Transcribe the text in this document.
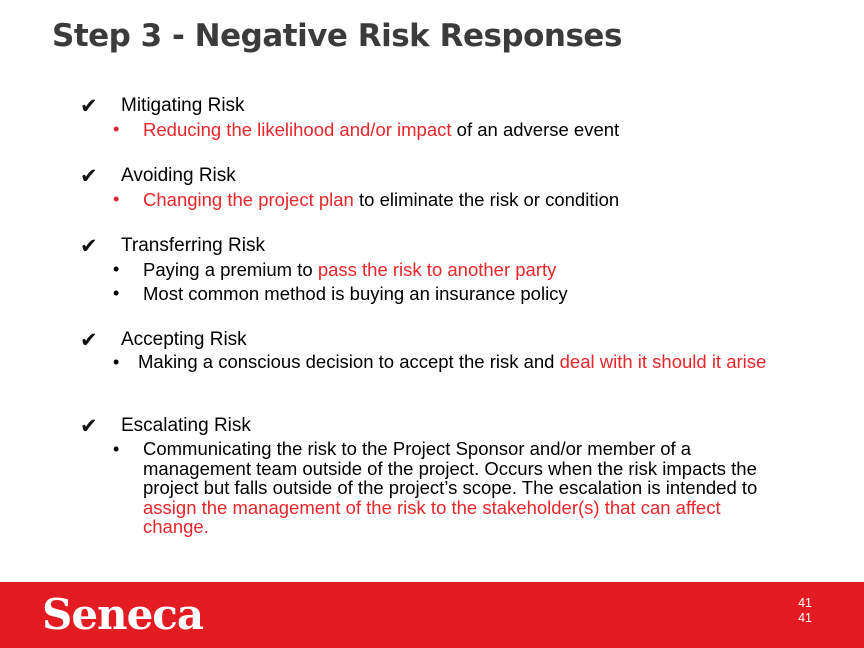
Step 3 - Negative Risk Responses
✔ Mitigating Risk
• Reducing the likelihood and/or impact of an adverse event
✔ Avoiding Risk
• Changing the project plan to eliminate the risk or condition
✔ Transferring Risk
• Paying a premium to pass the risk to another party
• Most common method is buying an insurance policy
✔ Accepting Risk
• Making a conscious decision to accept the risk and deal with it should it arise
✔ Escalating Risk
• Communicating the risk to the Project Sponsor and/or member of a management team outside of the project. Occurs when the risk impacts the project but falls outside of the project’s scope. The escalation is intended to assign the management of the risk to the stakeholder(s) that can affect change.
Seneca	41
41
